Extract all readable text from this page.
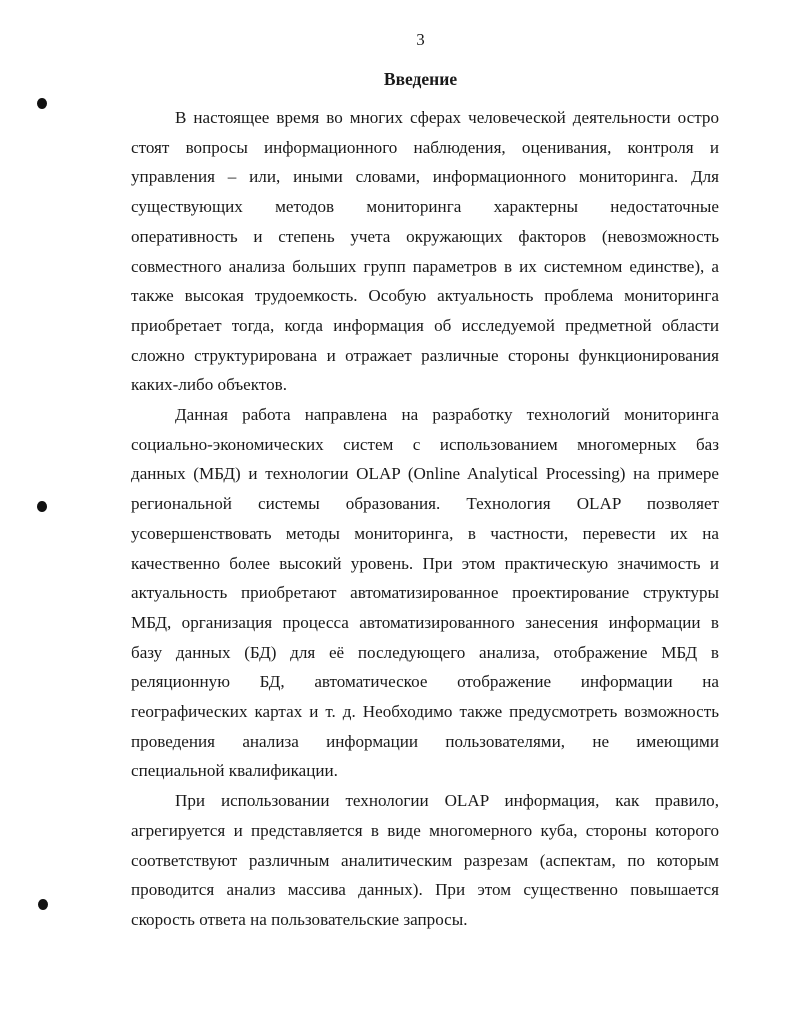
3
Введение

В настоящее время во многих сферах человеческой деятельности остро
стоят вопросы информационного наблюдения, оценивания, контроля и
управления – или, иными словами, информационного мониторинга. Для
существующих методов мониторинга характерны недостаточные
оперативность и степень учета окружающих факторов (невозможность
совместного анализа больших групп параметров в их системном единстве), а
также высокая трудоемкость. Особую актуальность проблема мониторинга
приобретает тогда, когда информация об исследуемой предметной области
сложно структурирована и отражает различные стороны функционирования
каких-либо объектов.

Данная работа направлена на разработку технологий мониторинга
социально-экономических систем с использованием многомерных баз
данных (МБД) и технологии OLAP (Online Analytical Processing) на примере
региональной системы образования. Технология OLAP позволяет
усовершенствовать методы мониторинга, в частности, перевести их на
качественно более высокий уровень. При этом практическую значимость и
актуальность приобретают автоматизированное проектирование структуры
МБД, организация процесса автоматизированного занесения информации в
базу данных (БД) для её последующего анализа, отображение МБД в
реляционную БД, автоматическое отображение информации на
географических картах и т. д. Необходимо также предусмотреть возможность
проведения анализа информации пользователями, не имеющими
специальной квалификации.

При использовании технологии OLAP информация, как правило,
агрегируется и представляется в виде многомерного куба, стороны которого
соответствуют различным аналитическим разрезам (аспектам, по которым
проводится анализ массива данных). При этом существенно повышается
скорость ответа на пользовательские запросы.
